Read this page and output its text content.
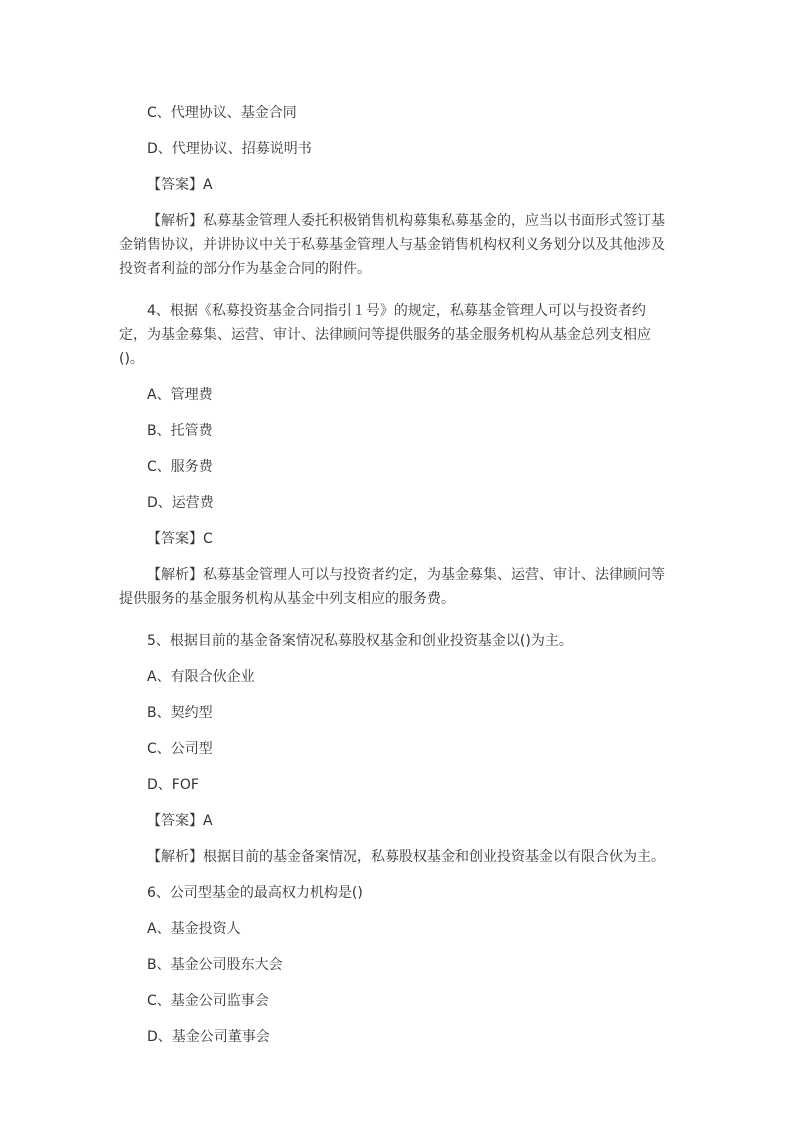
C、代理协议、基金合同

D、代理协议、招募说明书

【答案】A

【解析】私募基金管理人委托积极销售机构募集私募基金的，应当以书面形式签订基金销售协议，并讲协议中关于私募基金管理人与基金销售机构权利义务划分以及其他涉及投资者利益的部分作为基金合同的附件。

4、根据《私募投资基金合同指引１号》的规定，私募基金管理人可以与投资者约定，为基金募集、运营、审计、法律顾问等提供服务的基金服务机构从基金总列支相应()。

A、管理费

B、托管费

C、服务费

D、运营费

【答案】C

【解析】私募基金管理人可以与投资者约定，为基金募集、运营、审计、法律顾问等提供服务的基金服务机构从基金中列支相应的服务费。

5、根据目前的基金备案情况私募股权基金和创业投资基金以()为主。

A、有限合伙企业

B、契约型

C、公司型

D、FOF

【答案】A

【解析】根据目前的基金备案情况，私募股权基金和创业投资基金以有限合伙为主。

6、公司型基金的最高权力机构是()

A、基金投资人

B、基金公司股东大会

C、基金公司监事会

D、基金公司董事会
